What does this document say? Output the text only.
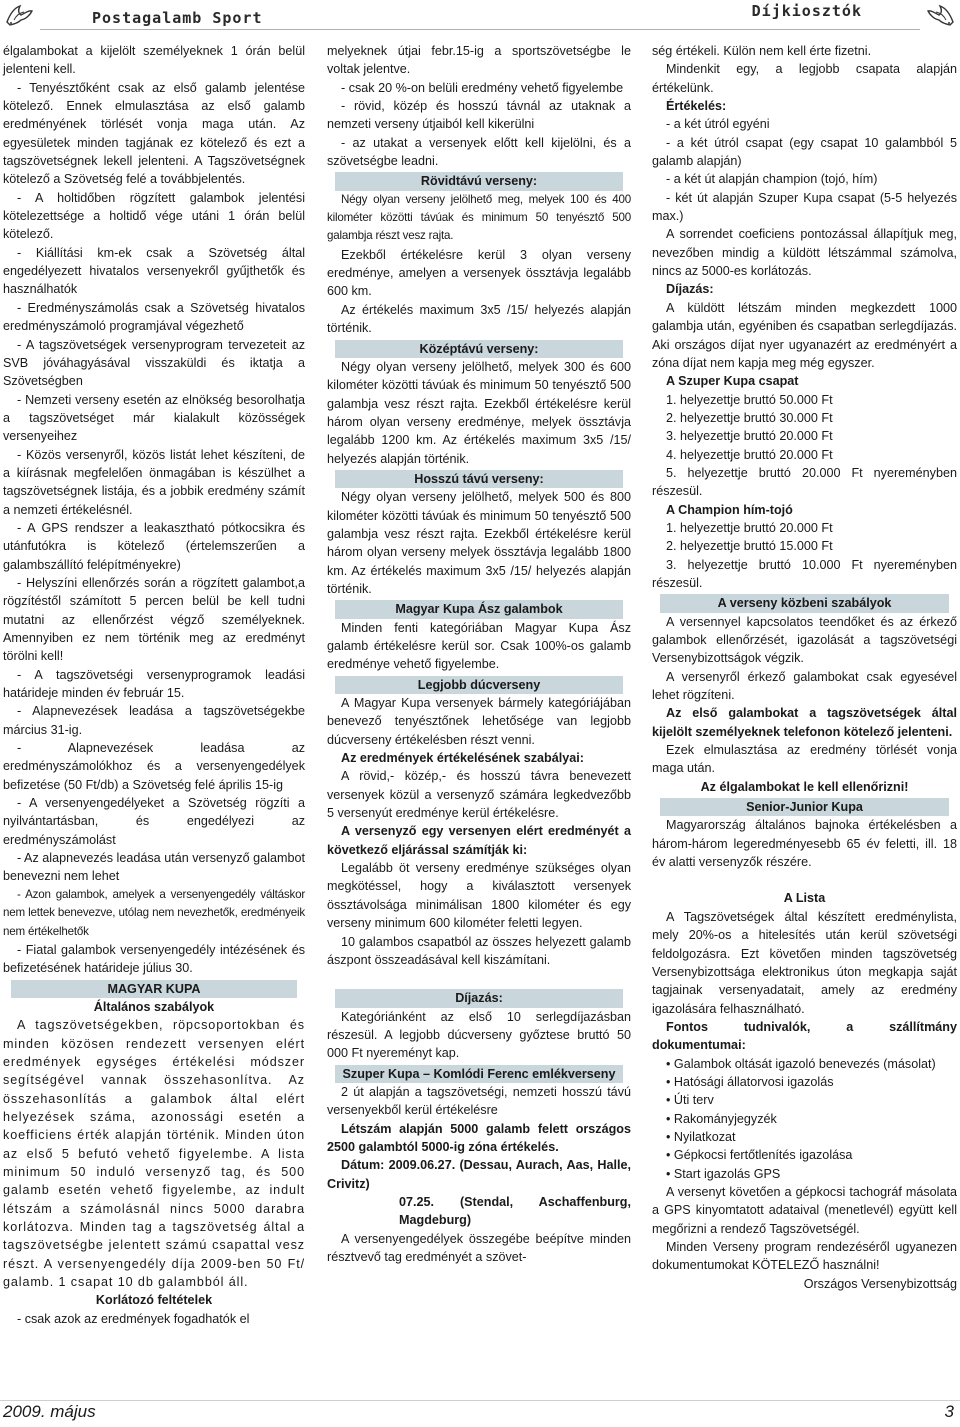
Postagalamb Sport	Díjkiosztók
élgalambokat a kijelölt személyeknek 1 órán belül jelenteni kell.
- Tenyésztőként csak az első galamb jelentése kötelező. Ennek elmulasztása az első galamb eredményének törlését vonja maga után. Az egyesületek minden tagjának ez kötelező és ezt a tagszövetségnek lekell jelenteni. A Tagszövetségnek kötelező a Szövetség felé a továbbjelentés.
- A holtidőben rögzített galambok jelentési kötelezettsége a holtidő vége utáni 1 órán belül kötelező.
- Kiállítási km-ek csak a Szövetség által engedélyezett hivatalos versenyekről gyűjthetők és használhatók
- Eredményszámolás csak a Szövetség hivatalos eredményszámoló programjával végezhető
- A tagszövetségek versenyprogram tervezeteit az SVB jóváhagyásával visszaküldi és iktatja a Szövetségben
- Nemzeti verseny esetén az elnökség besorolhatja a tagszövetséget már kialakult közösségek versenyeihez
- Közös versenyről, közös listát lehet készíteni, de a kiírásnak megfelelően önmagában is készülhet a tagszövetségnek listája, és a jobbik eredmény számít a nemzeti értékelésnél.
- A GPS rendszer a leakasztható pótkocsikra és utánfutókra is kötelező (értelemszerűen a galambszállító felépítményekre)
- Helyszíni ellenőrzés során a rögzített galambot,a rögzítéstől számított 5 percen belül be kell tudni mutatni az ellenőrzést végző személyeknek. Amennyiben ez nem történik meg az eredményt törölni kell!
- A tagszövetségi versenyprogramok leadási határideje minden év február 15.
- Alapnevezések leadása a tagszövetségekbe március 31-ig.
- Alapnevezések leadása az eredményszámolókhoz és a versenyengedélyek befizetése (50 Ft/db) a Szövetség felé április 15-ig
- A versenyengedélyeket a Szövetség rögzíti a nyilvántartásban, és engedélyezi az eredményszámolást
- Az alapnevezés leadása után versenyző galambot benevezni nem lehet
- Azon galambok, amelyek a versenyengedély váltáskor nem lettek benevezve, utólag nem nevezhetők, eredményeik nem értékelhetők
- Fiatal galambok versenyengedély intézésének és befizetésének határideje július 30.
MAGYAR KUPA
Általános szabályok
A tagszövetségekben, röpcsoportokban és minden közösen rendezett versenyen elért eredmények egységes értékelési módszer segítségével vannak összehasonlítva. Az összehasonlítás a galambok által elért helyezések száma, azonossági esetén a koefficiens érték alapján történik. Minden úton az első 5 befutó vehető figyelembe. A lista minimum 50 induló versenyző tag, és 500 galamb esetén vehető figyelembe, az indult létszám a számolásnál nincs 5000 darabra korlátozva. Minden tag a tagszövetség által a tagszövetségbe jelentett számú csapattal vesz részt. A versenyengedély díja 2009-ben 50 Ft/ galamb. 1 csapat 10 db galambból áll.
Korlátozó feltételek
- csak azok az eredmények fogadhatók el
melyeknek útjai febr.15-ig a sportszövetségbe le voltak jelentve.
- csak 20 %-on belüli eredmény vehető figyelembe
- rövid, közép és hosszú távnál az utaknak a nemzeti verseny útjaiból kell kikerülni
- az utakat a versenyek előtt kell kijelölni, és a szövetségbe leadni.
Rövidtávú verseny:
Négy olyan verseny jelölhető meg, melyek 100 és 400 kilométer közötti távúak és minimum 50 tenyésztő 500 galambja részt vesz rajta.
Ezekből értékelésre kerül 3 olyan verseny eredménye, amelyen a versenyek össztávja legalább 600 km.
Az értékelés maximum 3x5 /15/ helyezés alapján történik.
Középtávú verseny:
Négy olyan verseny jelölhető, melyek 300 és 600 kilométer közötti távúak és minimum 50 tenyésztő 500 galambja vesz részt rajta. Ezekből értékelésre kerül három olyan verseny eredménye, melyek össztávja legalább 1200 km. Az értékelés maximum 3x5 /15/ helyezés alapján történik.
Hosszú távú verseny:
Négy olyan verseny jelölhető, melyek 500 és 800 kilométer közötti távúak és minimum 50 tenyésztő 500 galambja vesz részt rajta. Ezekből értékelésre kerül három olyan verseny melyek össztávja legalább 1800 km. Az értékelés maximum 3x5 /15/ helyezés alapján történik.
Magyar Kupa Ász galambok
Minden fenti kategóriában Magyar Kupa Ász galamb értékelésre kerül sor. Csak 100%-os galamb eredménye vehető figyelembe.
Legjobb dúcverseny
A Magyar Kupa versenyek bármely kategóriájában benevező tenyésztőnek lehetősége van legjobb dúcverseny értékelésben részt venni.
Az eredmények értékelésének szabályai:
A rövid,- közép,- és hosszú távra benevezett versenyek közül a versenyző számára legkedvezőbb 5 versenyút eredménye kerül értékelésre.
A versenyző egy versenyen elért eredményét a következő eljárással számítják ki:
Legalább öt verseny eredménye szükséges olyan megkötéssel, hogy a kiválasztott versenyek össztávolsága minimálisan 1800 kilométer és egy verseny minimum 600 kilométer feletti legyen.
10 galambos csapatból az összes helyezett galamb ászpont összeadásával kell kiszámítani.
Díjazás:
Kategóriánként az első 10 serlegdíjazásban részesül. A legjobb dúcverseny győztese bruttó 50 000 Ft nyereményt kap.
Szuper Kupa – Komlódi Ferenc emlékverseny
2 út alapján a tagszövetségi, nemzeti hosszú távú versenyekből kerül értékelésre
Létszám alapján 5000 galamb felett országos 2500 galambtól 5000-ig zóna értékelés.
Dátum: 2009.06.27. (Dessau, Aurach, Aas, Halle, Crivitz)
07.25. (Stendal, Aschaffenburg, Magdeburg)
A versenyengedélyek összegébe beépítve minden résztvevő tag eredményét a szövet-
ség értékeli. Külön nem kell érte fizetni.
Mindenkit egy, a legjobb csapata alapján értékelünk.
Értékelés:
- a két útról egyéni
- a két útról csapat (egy csapat 10 galambból 5 galamb alapján)
- a két út alapján champion (tojó, hím)
- két út alapján Szuper Kupa csapat (5-5 helyezés max.)
A sorrendet coeficiens pontozással állapítjuk meg, nevezőben mindig a küldött létszámmal számolva, nincs az 5000-es korlátozás.
Díjazás:
A küldött létszám minden megkezdett 1000 galambja után, egyéniben és csapatban serlegdíjazás. Aki országos díjat nyer ugyanazért az eredményért a zóna díjat nem kapja meg még egyszer.
A Szuper Kupa csapat
1. helyezettje bruttó 50.000 Ft
2. helyezettje bruttó 30.000 Ft
3. helyezettje bruttó 20.000 Ft
4. helyezettje bruttó 20.000 Ft
5. helyezettje bruttó 20.000 Ft nyereményben részesül.
A Champion hím-tojó
1. helyezettje bruttó 20.000 Ft
2. helyezettje bruttó 15.000 Ft
3. helyezettje bruttó 10.000 Ft nyereményben részesül.
A verseny közbeni szabályok
A versennyel kapcsolatos teendőket és az érkező galambok ellenőrzését, igazolását a tagszövetségi Versenybizottságok végzik.
A versenyről érkező galambokat csak egyesével lehet rögzíteni.
Az első galambokat a tagszövetségek által kijelölt személyeknek telefonon kötelező jelenteni.
Ezek elmulasztása az eredmény törlését vonja maga után.
Az élgalambokat le kell ellenőrizni!
Senior-Junior Kupa
Magyarország általános bajnoka értékelésben a három-három legeredményesebb 65 év feletti, ill. 18 év alatti versenyzők részére.
A Lista
A Tagszövetségek által készített eredménylista, mely 20%-os a hitelesítés után kerül szövetségi feldolgozásra. Ezt követően minden tagszövetség Versenybizottsága elektronikus úton megkapja saját tagjainak versenyadatait, amely az eredmény igazolására felhasználható.
Fontos tudnivalók, a szállítmány dokumentumai:
• Galambok oltását igazoló benevezés (másolat)
• Hatósági állatorvosi igazolás
• Úti terv
• Rakományjegyzék
• Nyilatkozat
• Gépkocsi fertőtlenítés igazolása
• Start igazolás GPS
A versenyt követően a gépkocsi tachográf másolata a GPS kinyomtatott adataival (menetlevél) együtt kell megőrizni a rendező Tagszövetségél.
Minden Verseny program rendezéséről ugyanezen dokumentumokat KÖTELEZŐ használni!
Országos Versenybizottság
2009. május	3
